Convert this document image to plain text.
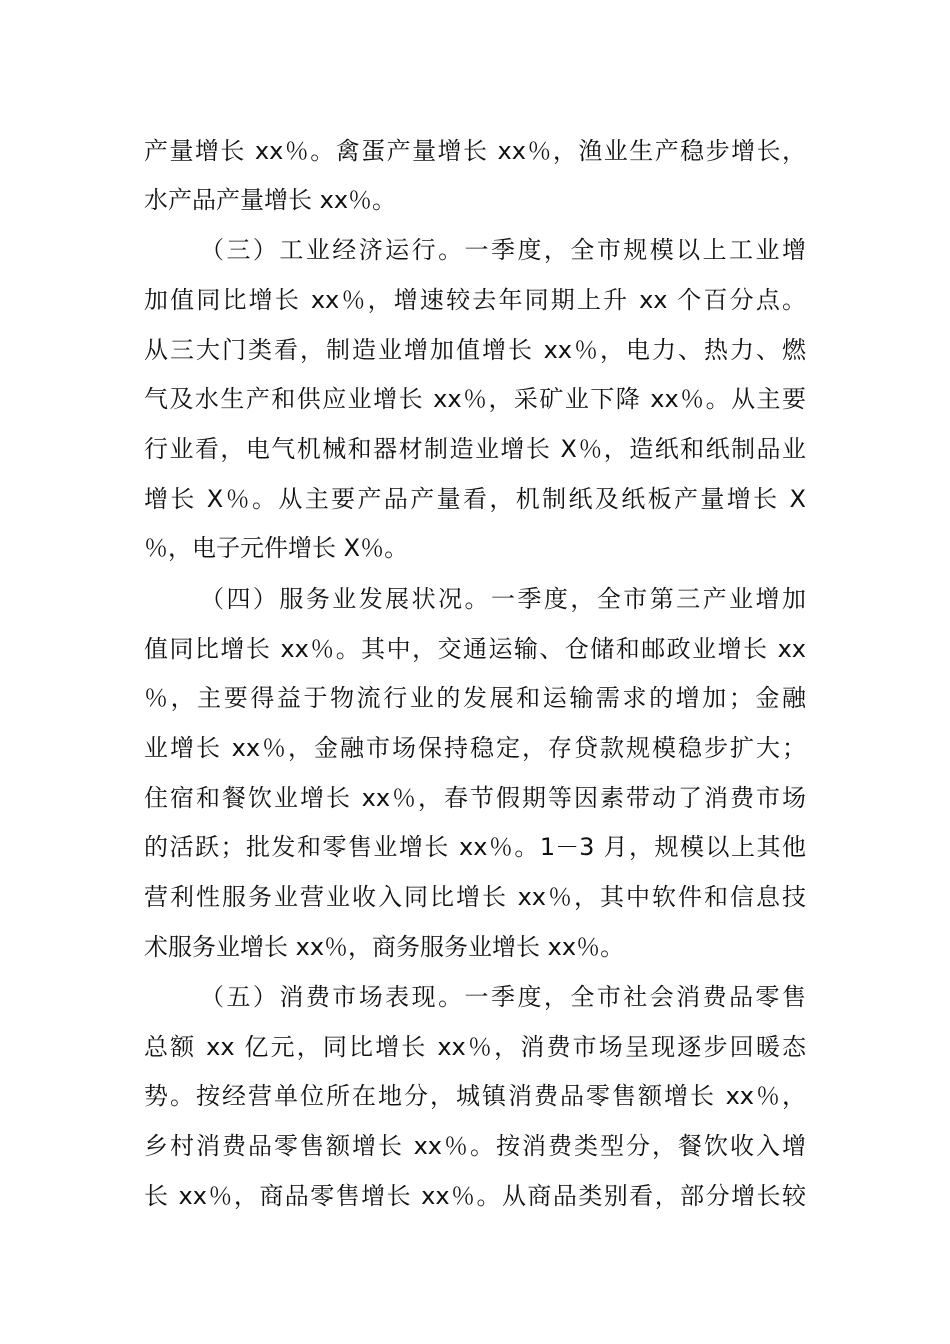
产量增长 xx％。禽蛋产量增长 xx％，渔业生产稳步增长，
水产品产量增长 xx％。
（三）工业经济运行。一季度，全市规模以上工业增
加值同比增长 xx％，增速较去年同期上升 xx 个百分点。
从三大门类看，制造业增加值增长 xx％，电力、热力、燃
气及水生产和供应业增长 xx％，采矿业下降 xx％。从主要
行业看，电气机械和器材制造业增长 X％，造纸和纸制品业
增长 X％。从主要产品产量看，机制纸及纸板产量增长 X
％，电子元件增长 X％。
（四）服务业发展状况。一季度，全市第三产业增加
值同比增长 xx％。其中，交通运输、仓储和邮政业增长 xx
％，主要得益于物流行业的发展和运输需求的增加；金融
业增长 xx％，金融市场保持稳定，存贷款规模稳步扩大；
住宿和餐饮业增长 xx％，春节假期等因素带动了消费市场
的活跃；批发和零售业增长 xx％。1－3 月，规模以上其他
营利性服务业营业收入同比增长 xx％，其中软件和信息技
术服务业增长 xx％，商务服务业增长 xx％。
（五）消费市场表现。一季度，全市社会消费品零售
总额 xx 亿元，同比增长 xx％，消费市场呈现逐步回暖态
势。按经营单位所在地分，城镇消费品零售额增长 xx％，
乡村消费品零售额增长 xx％。按消费类型分，餐饮收入增
长 xx％，商品零售增长 xx％。从商品类别看，部分增长较
